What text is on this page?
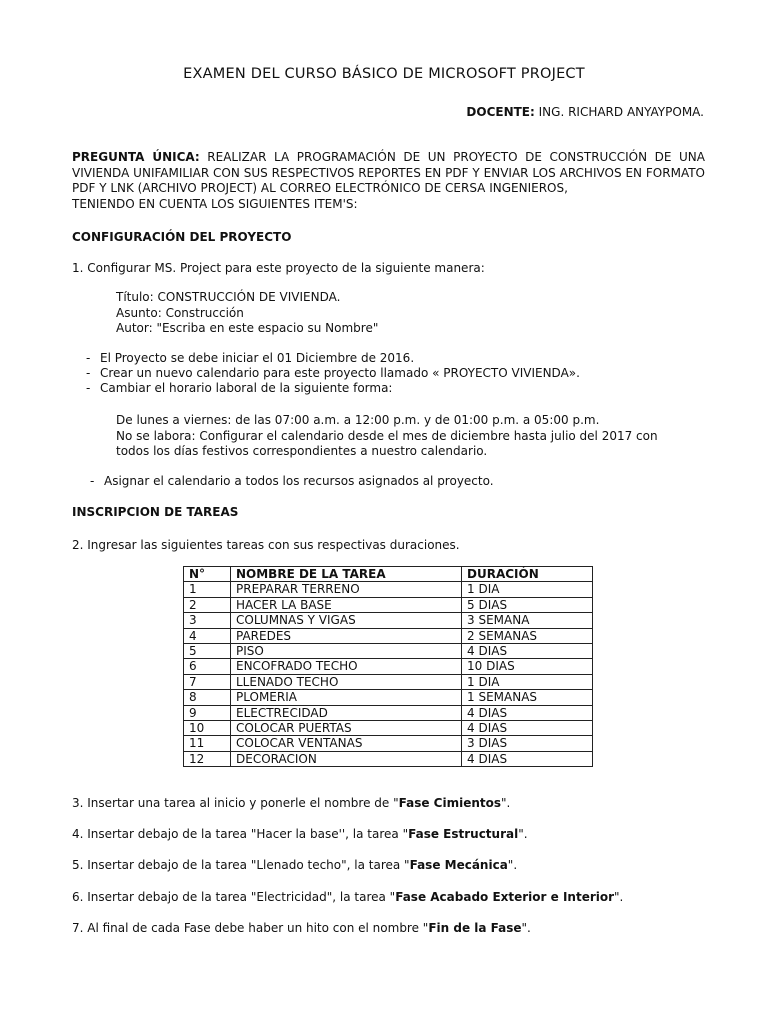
EXAMEN DEL CURSO BÁSICO DE MICROSOFT PROJECT
DOCENTE: ING. RICHARD ANYAYPOMA.
PREGUNTA ÚNICA: REALIZAR LA PROGRAMACIÓN DE UN PROYECTO DE CONSTRUCCIÓN DE UNA VIVIENDA UNIFAMILIAR CON SUS RESPECTIVOS REPORTES EN PDF Y ENVIAR LOS ARCHIVOS EN FORMATO PDF Y LNK (ARCHIVO PROJECT) AL CORREO ELECTRÓNICO DE CERSA INGENIEROS,
TENIENDO EN CUENTA LOS SIGUIENTES ITEM'S:
CONFIGURACIÓN DEL PROYECTO
1. Configurar MS. Project para este proyecto de la siguiente manera:
Título: CONSTRUCCIÓN DE VIVIENDA.
Asunto: Construcción
Autor: "Escriba en este espacio su Nombre"
- El Proyecto se debe iniciar el 01 Diciembre de 2016.
- Crear un nuevo calendario para este proyecto llamado « PROYECTO VIVIENDA».
- Cambiar el horario laboral de la siguiente forma:
De lunes a viernes: de las 07:00 a.m. a 12:00 p.m. y de 01:00 p.m. a 05:00 p.m.
No se labora: Configurar el calendario desde el mes de diciembre hasta julio del 2017 con
todos los días festivos correspondientes a nuestro calendario.
- Asignar el calendario a todos los recursos asignados al proyecto.
INSCRIPCION DE TAREAS
2. Ingresar las siguientes tareas con sus respectivas duraciones.
N°	NOMBRE DE LA TAREA	DURACIÓN
1	PREPARAR TERRENO	1 DIA
2	HACER LA BASE	5 DIAS
3	COLUMNAS Y VIGAS	3 SEMANA
4	PAREDES	2 SEMANAS
5	PISO	4 DIAS
6	ENCOFRADO TECHO	10 DIAS
7	LLENADO TECHO	1 DIA
8	PLOMERIA	1 SEMANAS
9	ELECTRECIDAD	4 DIAS
10	COLOCAR PUERTAS	4 DIAS
11	COLOCAR VENTANAS	3 DIAS
12	DECORACION	4 DIAS
3. Insertar una tarea al inicio y ponerle el nombre de "Fase Cimientos".
4. Insertar debajo de la tarea "Hacer la base'', la tarea "Fase Estructural".
5. Insertar debajo de la tarea "Llenado techo", la tarea "Fase Mecánica".
6. Insertar debajo de la tarea "Electricidad", la tarea "Fase Acabado Exterior e Interior".
7. Al final de cada Fase debe haber un hito con el nombre "Fin de la Fase".
